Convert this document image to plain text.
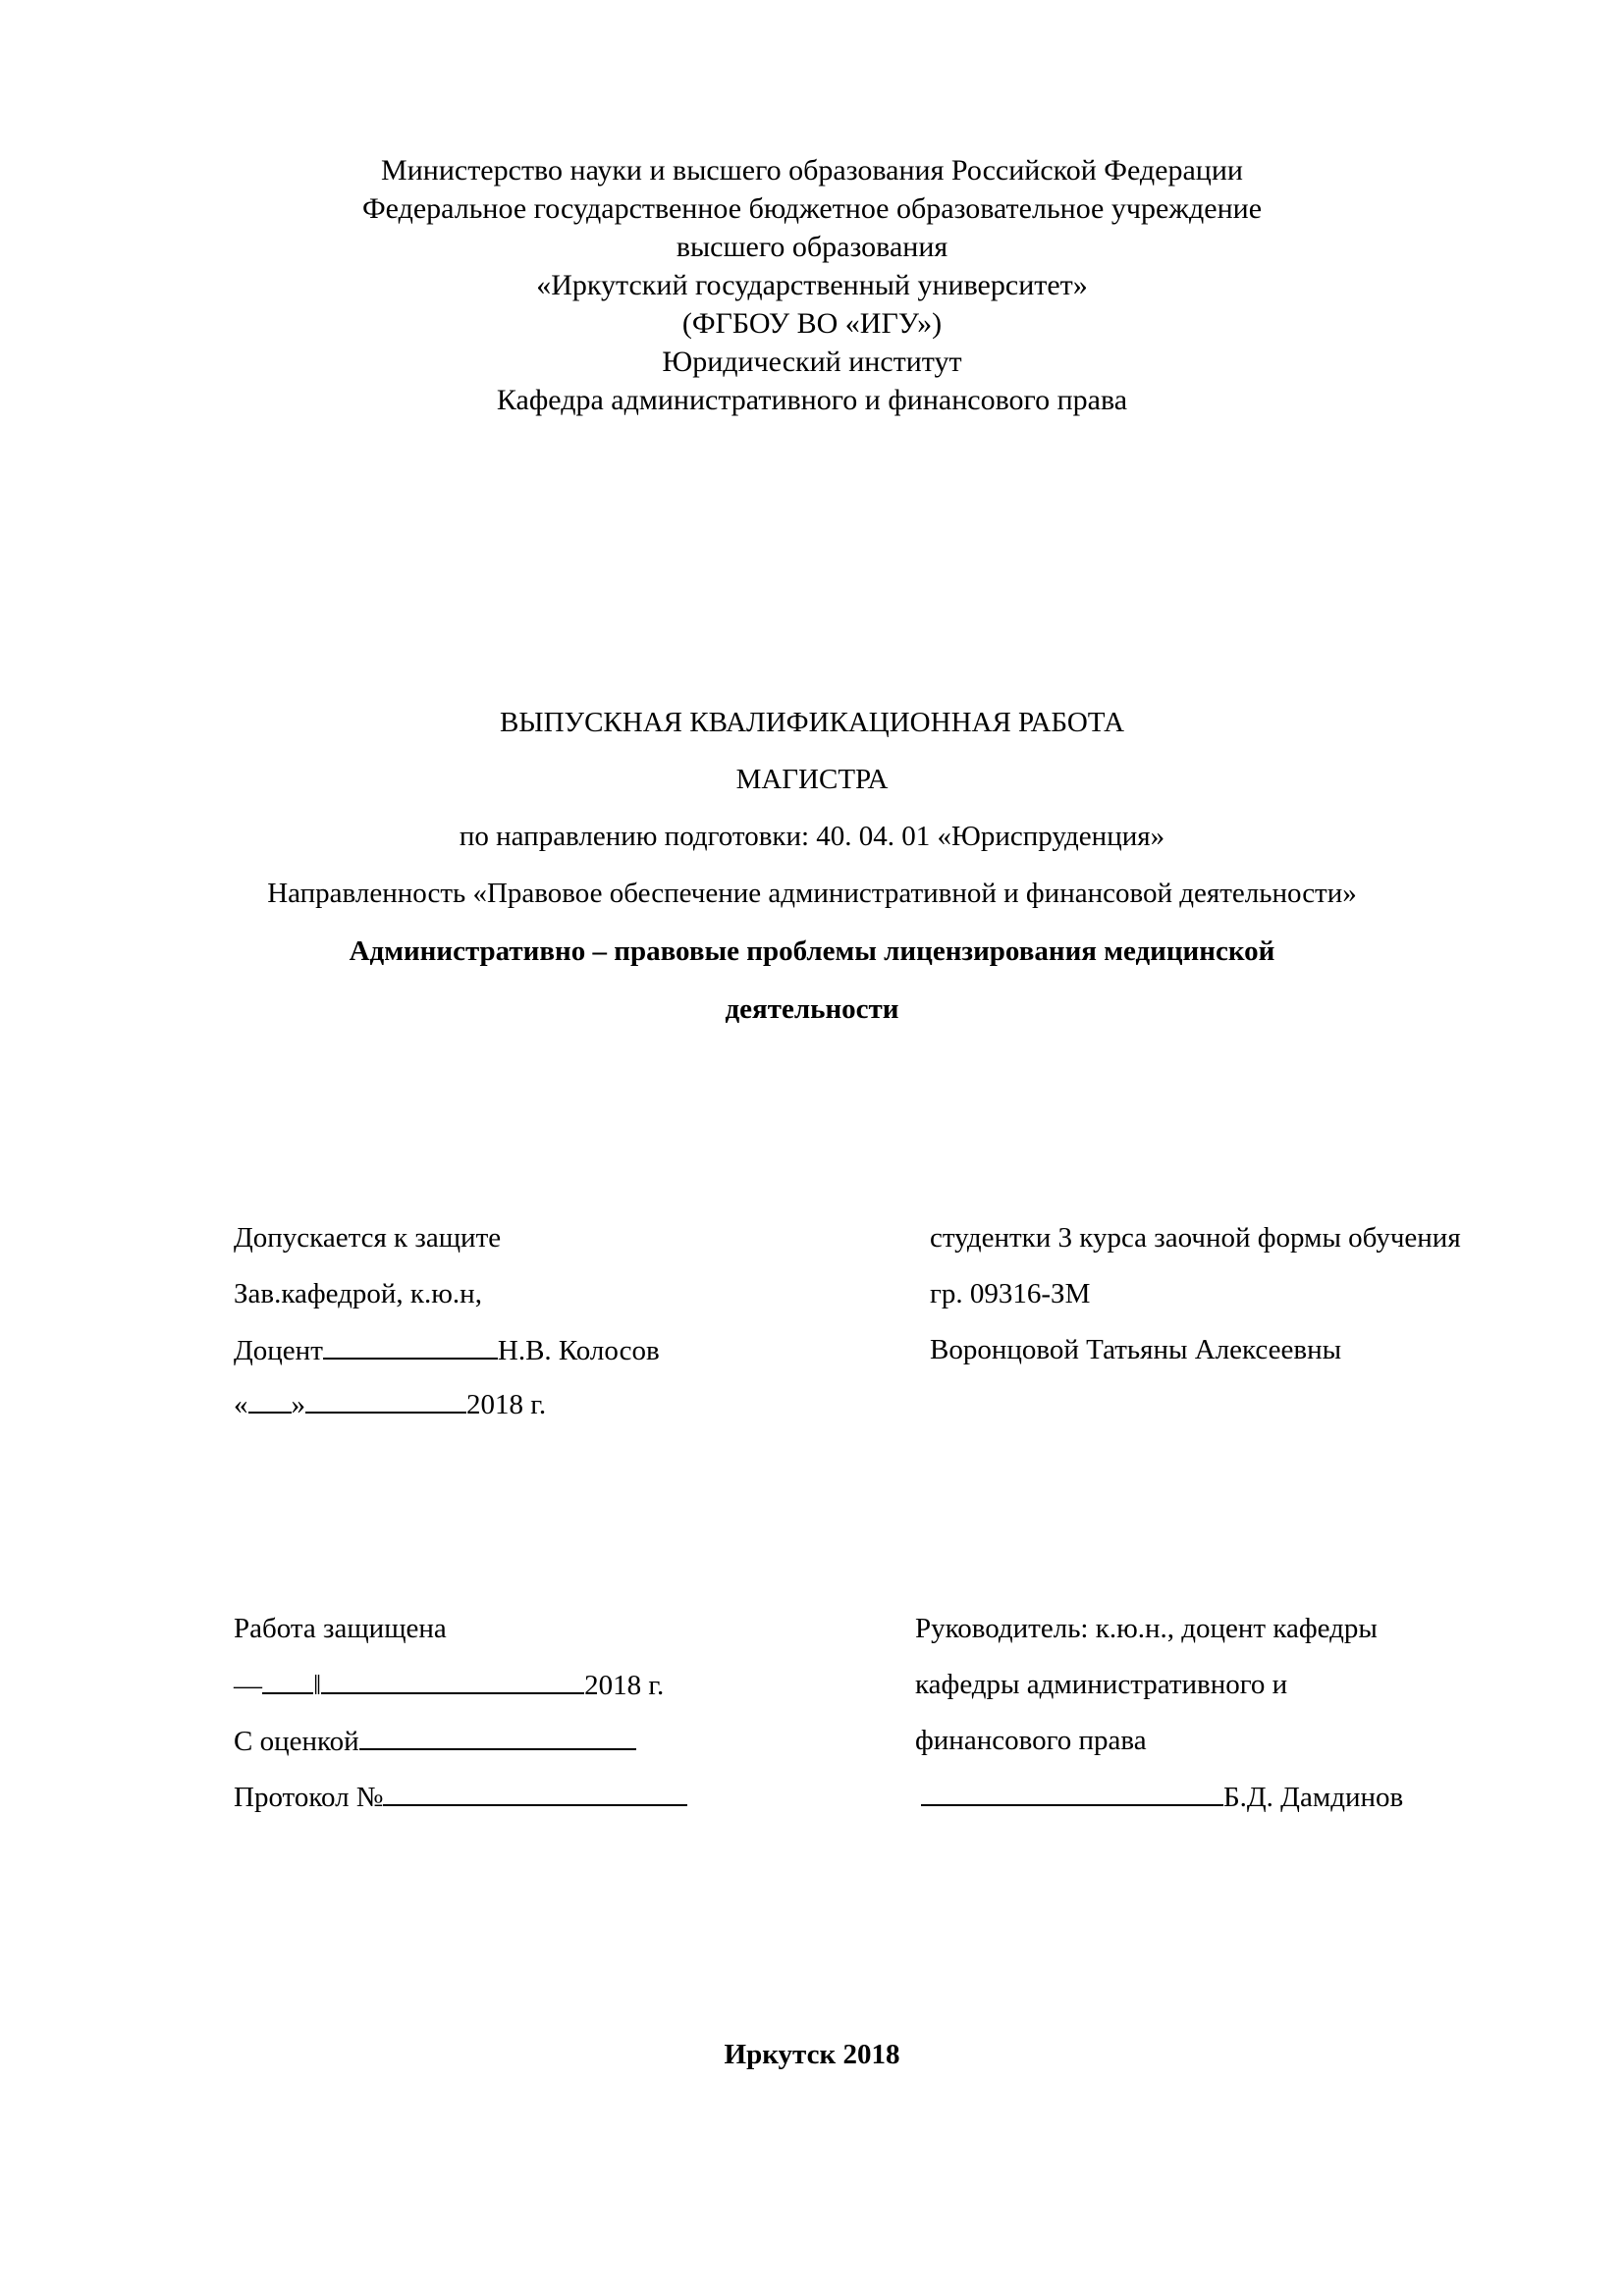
Министерство науки и высшего образования Российской Федерации
Федеральное государственное бюджетное образовательное учреждение
высшего образования
«Иркутский государственный университет»
(ФГБОУ ВО «ИГУ»)
Юридический институт
Кафедра административного и финансового права
ВЫПУСКНАЯ КВАЛИФИКАЦИОННАЯ РАБОТА
МАГИСТРА
по направлению подготовки: 40. 04. 01 «Юриспруденция»
Направленность «Правовое обеспечение административной и финансовой деятельности»
Административно – правовые проблемы лицензирования медицинской
деятельности
Допускается к защите
Зав.кафедрой, к.ю.н,
Доцент	Н.В. Колосов
« »	2018 г.
студентки 3 курса заочной формы обучения
гр. 09316-ЗМ
Воронцовой Татьяны Алексеевны
Работа защищена
― ‖	2018 г.
С оценкой
Протокол №
Руководитель: к.ю.н., доцент кафедры
кафедры административного и
финансового права
Б.Д. Дамдинов
Иркутск 2018
